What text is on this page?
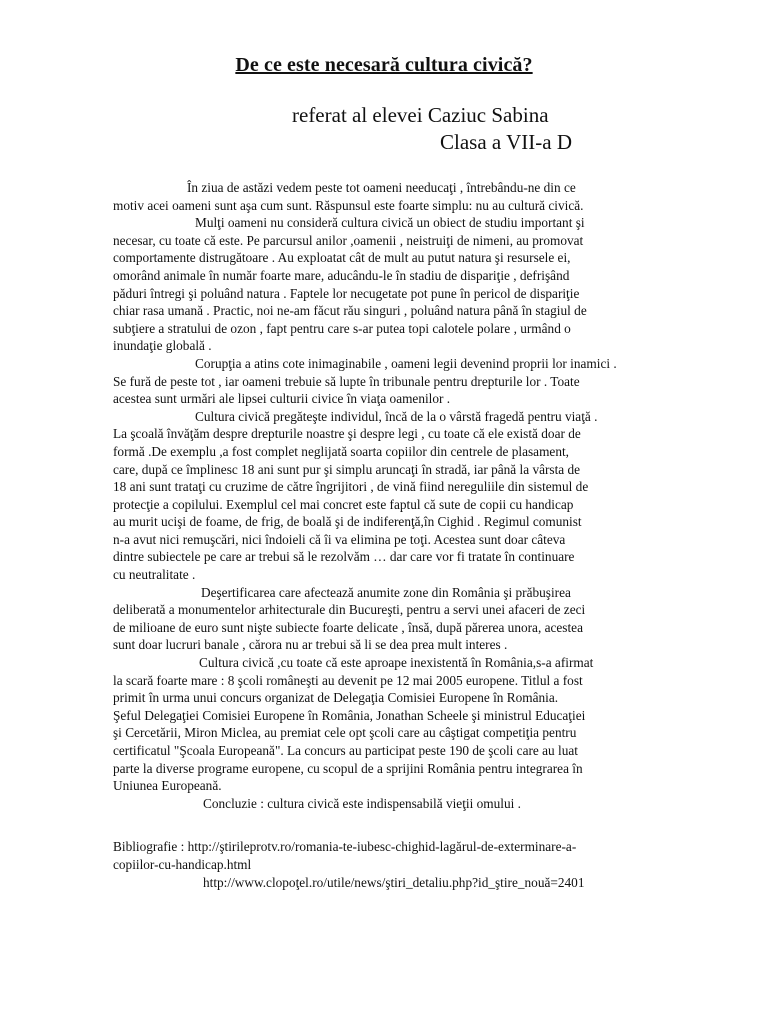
De ce este necesară cultura civică?
referat al elevei Caziuc Sabina
Clasa a VII-a D
În ziua de astăzi vedem peste tot oameni needucaţi , întrebându-ne din ce
motiv acei oameni sunt aşa cum sunt. Răspunsul este foarte simplu: nu au cultură civică.
Mulţi oameni nu consideră cultura civică un obiect de studiu important şi
necesar, cu toate că este. Pe parcursul anilor ,oamenii , neistruiţi de nimeni, au promovat
comportamente distrugătoare . Au exploatat cât de mult au putut natura şi resursele ei,
omorând animale în număr foarte mare, aducându-le în stadiu de dispariţie , defrişând
păduri întregi şi poluând natura . Faptele lor necugetate pot pune în pericol de dispariţie
chiar rasa umană . Practic, noi ne-am făcut rău singuri , poluând natura până în stagiul de
subţiere a stratului de ozon , fapt pentru care s-ar putea topi calotele polare , urmând o
inundaţie globală .
Corupţia a atins cote inimaginabile , oameni legii devenind proprii lor inamici .
Se fură de peste tot , iar oameni trebuie să lupte în tribunale pentru drepturile lor . Toate
acestea sunt urmări ale lipsei culturii civice în viaţa oamenilor .
Cultura civică pregăteşte individul, încă de la o vârstă fragedă pentru viaţă .
La şcoală învăţăm despre drepturile noastre şi despre legi , cu toate că ele există doar de
formă .De exemplu ,a fost complet neglijată soarta copiilor din centrele de plasament,
care, după ce împlinesc 18 ani sunt pur şi simplu aruncaţi în stradă, iar până la vârsta de
18 ani sunt trataţi cu cruzime de către îngrijitori , de vină fiind nereguliile din sistemul de
protecţie a copilului. Exemplul cel mai concret este faptul că sute de copii cu handicap
au murit ucişi de foame, de frig, de boală şi de indiferenţă,în Cighid . Regimul comunist
n-a avut nici remuşcări, nici îndoieli că îi va elimina pe toţi. Acestea sunt doar câteva
dintre subiectele pe care ar trebui să le rezolvăm … dar care vor fi tratate în continuare
cu neutralitate .
Deşertificarea care afectează anumite zone din România şi prăbuşirea
deliberată a monumentelor arhitecturale din Bucureşti, pentru a servi unei afaceri de zeci
de milioane de euro sunt nişte subiecte foarte delicate , însă, după părerea unora, acestea
sunt doar lucruri banale , cărora nu ar trebui să li se dea prea mult interes .
Cultura civică ,cu toate că este aproape inexistentă în România,s-a afirmat
la scară foarte mare : 8 şcoli româneşti au devenit pe 12 mai 2005 europene. Titlul a fost
primit în urma unui concurs organizat de Delegaţia Comisiei Europene în România.
Şeful Delegaţiei Comisiei Europene în România, Jonathan Scheele şi ministrul Educaţiei
şi Cercetării, Miron Miclea, au premiat cele opt şcoli care au câştigat competiţia pentru
certificatul "Şcoala Europeană". La concurs au participat peste 190 de şcoli care au luat
parte la diverse programe europene, cu scopul de a sprijini România pentru integrarea în
Uniunea Europeană.
Concluzie : cultura civică este indispensabilă vieţii omului .
Bibliografie : http://ştirileprotv.ro/romania-te-iubesc-chighid-lagărul-de-exterminare-a-
copiilor-cu-handicap.html
http://www.clopoţel.ro/utile/news/ştiri_detaliu.php?id_ştire_nouă=2401
